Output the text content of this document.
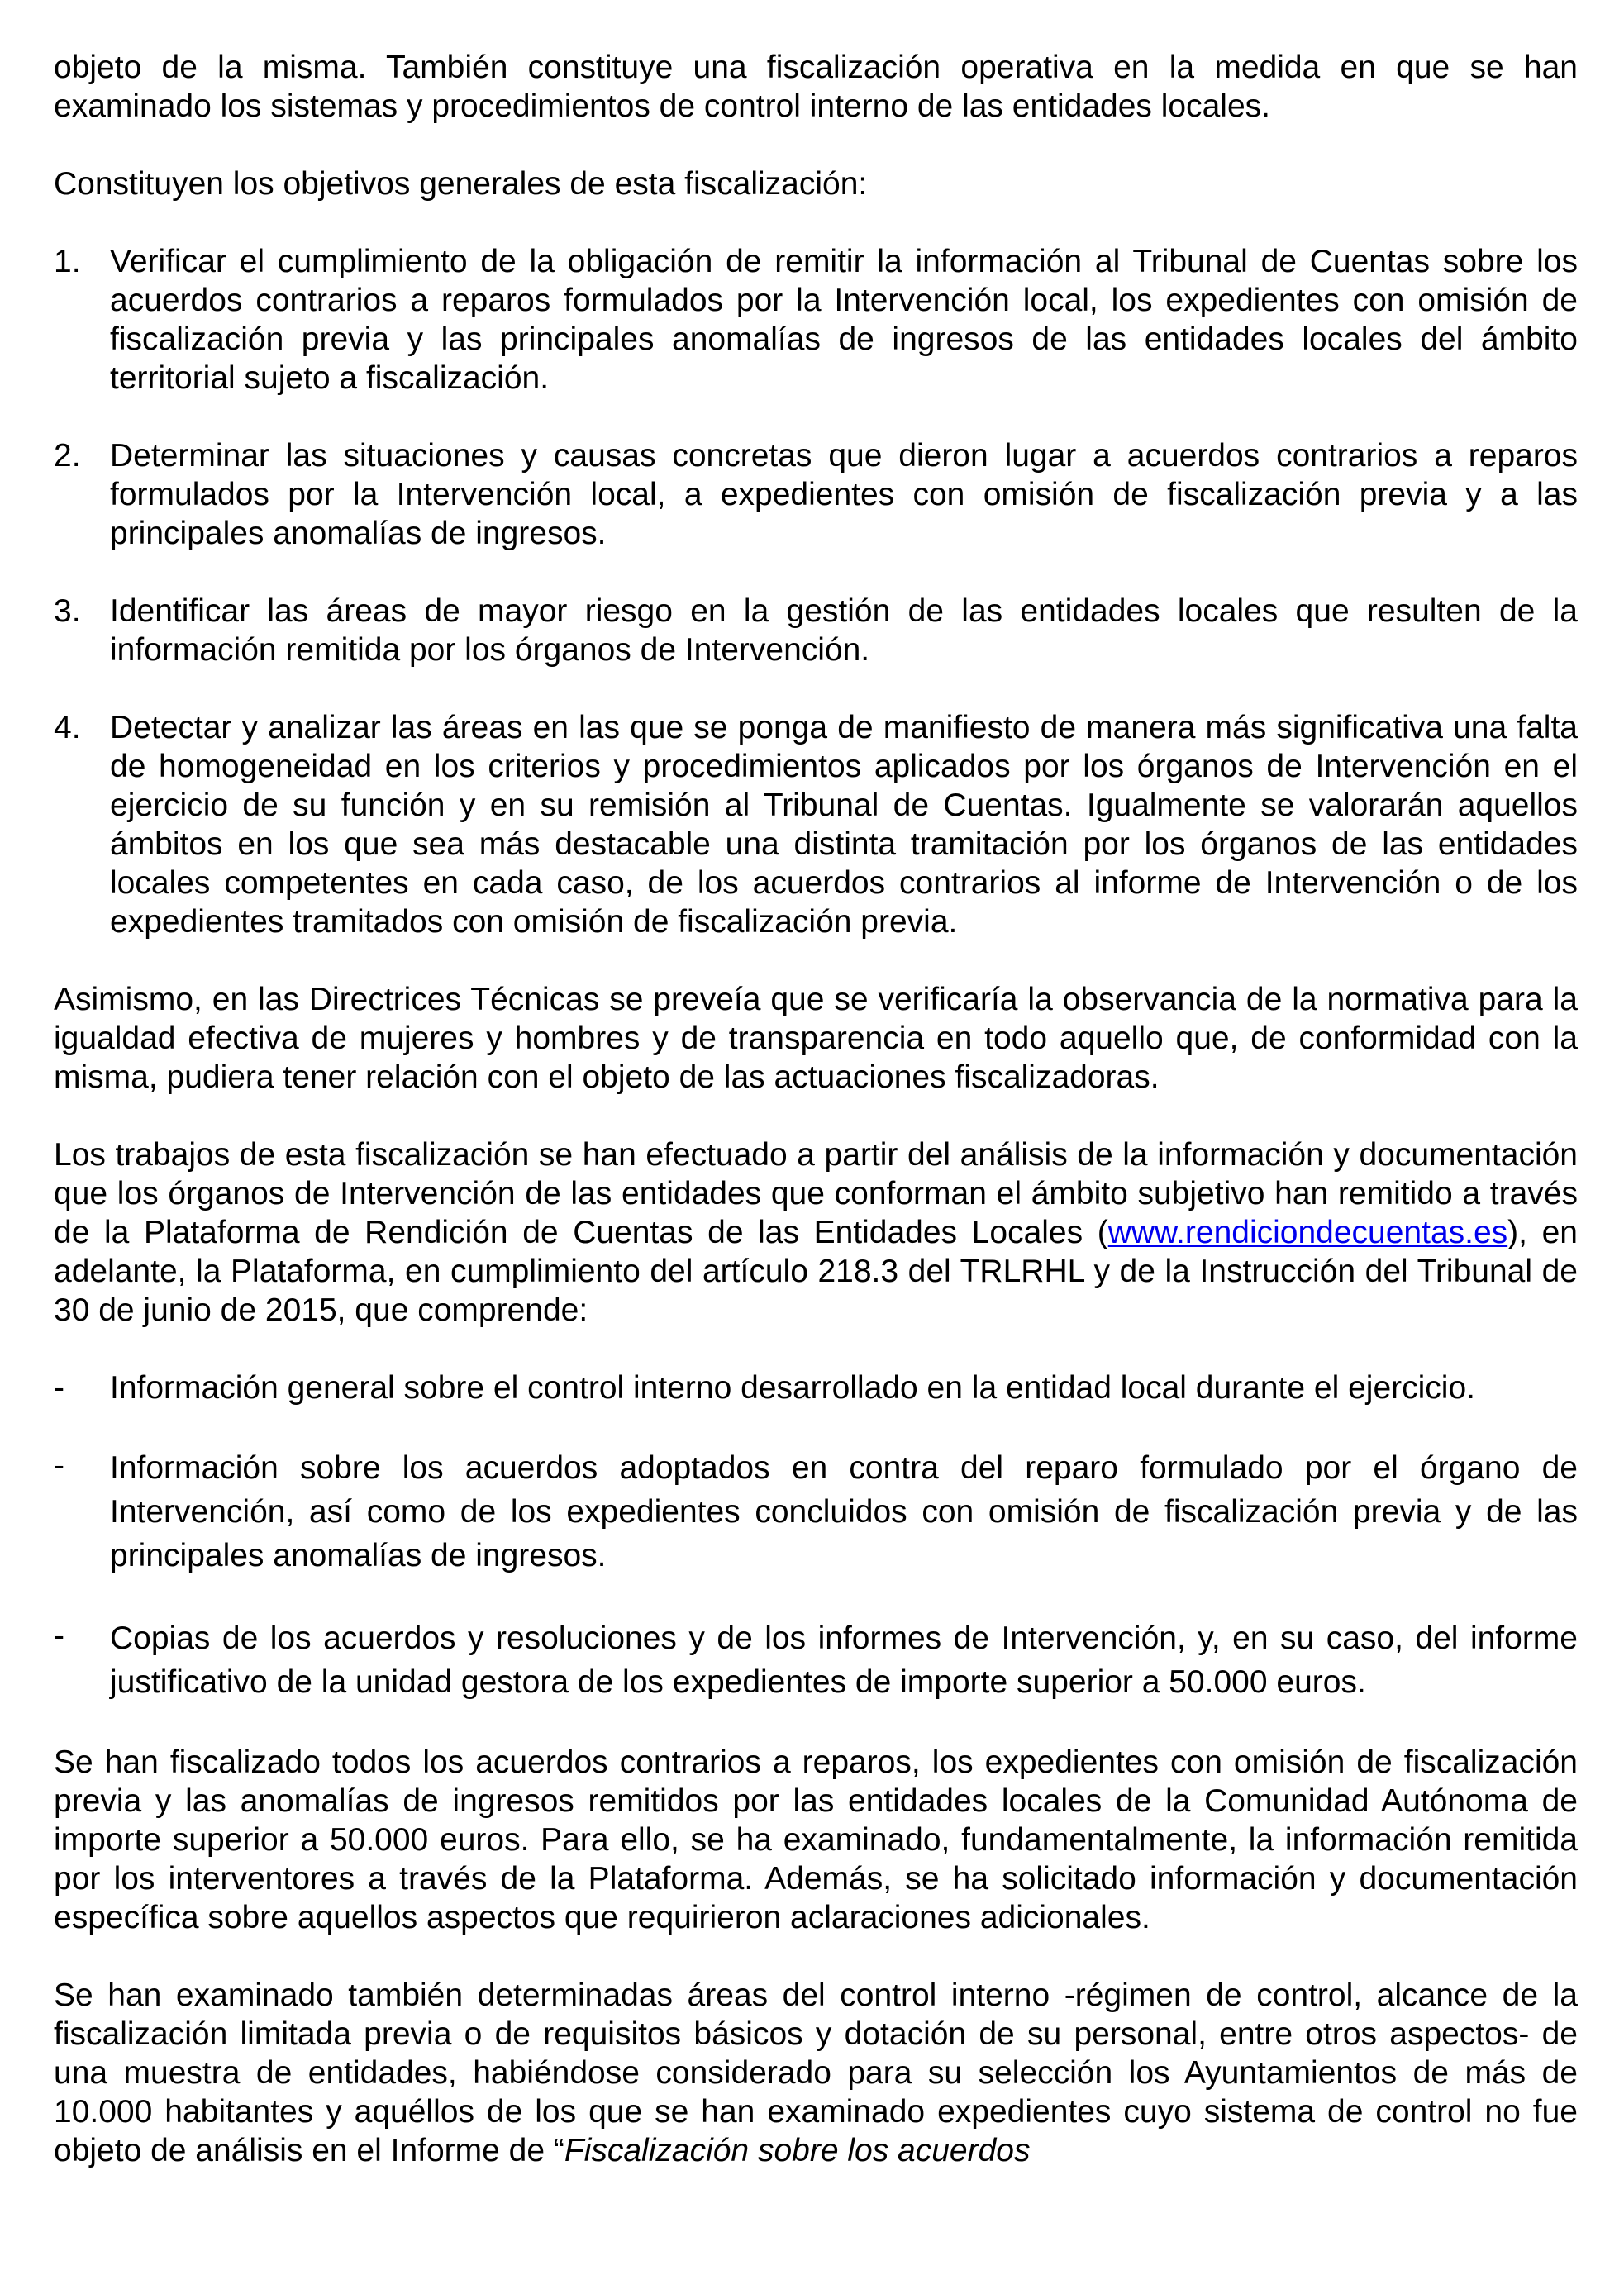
objeto de la misma. También constituye una fiscalización operativa en la medida en que se han examinado los sistemas y procedimientos de control interno de las entidades locales.

Constituyen los objetivos generales de esta fiscalización:

1. Verificar el cumplimiento de la obligación de remitir la información al Tribunal de Cuentas sobre los acuerdos contrarios a reparos formulados por la Intervención local, los expedientes con omisión de fiscalización previa y las principales anomalías de ingresos de las entidades locales del ámbito territorial sujeto a fiscalización.
2. Determinar las situaciones y causas concretas que dieron lugar a acuerdos contrarios a reparos formulados por la Intervención local, a expedientes con omisión de fiscalización previa y a las principales anomalías de ingresos.
3. Identificar las áreas de mayor riesgo en la gestión de las entidades locales que resulten de la información remitida por los órganos de Intervención.
4. Detectar y analizar las áreas en las que se ponga de manifiesto de manera más significativa una falta de homogeneidad en los criterios y procedimientos aplicados por los órganos de Intervención en el ejercicio de su función y en su remisión al Tribunal de Cuentas. Igualmente se valorarán aquellos ámbitos en los que sea más destacable una distinta tramitación por los órganos de las entidades locales competentes en cada caso, de los acuerdos contrarios al informe de Intervención o de los expedientes tramitados con omisión de fiscalización previa.

Asimismo, en las Directrices Técnicas se preveía que se verificaría la observancia de la normativa para la igualdad efectiva de mujeres y hombres y de transparencia en todo aquello que, de conformidad con la misma, pudiera tener relación con el objeto de las actuaciones fiscalizadoras.

Los trabajos de esta fiscalización se han efectuado a partir del análisis de la información y documentación que los órganos de Intervención de las entidades que conforman el ámbito subjetivo han remitido a través de la Plataforma de Rendición de Cuentas de las Entidades Locales (www.rendiciondecuentas.es), en adelante, la Plataforma, en cumplimiento del artículo 218.3 del TRLRHL y de la Instrucción del Tribunal de 30 de junio de 2015, que comprende:

-	Información general sobre el control interno desarrollado en la entidad local durante el ejercicio.
-	Información sobre los acuerdos adoptados en contra del reparo formulado por el órgano de Intervención, así como de los expedientes concluidos con omisión de fiscalización previa y de las principales anomalías de ingresos.
-	Copias de los acuerdos y resoluciones y de los informes de Intervención, y, en su caso, del informe justificativo de la unidad gestora de los expedientes de importe superior a 50.000 euros.

Se han fiscalizado todos los acuerdos contrarios a reparos, los expedientes con omisión de fiscalización previa y las anomalías de ingresos remitidos por las entidades locales de la Comunidad Autónoma de importe superior a 50.000 euros. Para ello, se ha examinado, fundamentalmente, la información remitida por los interventores a través de la Plataforma. Además, se ha solicitado información y documentación específica sobre aquellos aspectos que requirieron aclaraciones adicionales.

Se han examinado también determinadas áreas del control interno -régimen de control, alcance de la fiscalización limitada previa o de requisitos básicos y dotación de su personal, entre otros aspectos- de una muestra de entidades, habiéndose considerado para su selección los Ayuntamientos de más de 10.000 habitantes y aquéllos de los que se han examinado expedientes cuyo sistema de control no fue objeto de análisis en el Informe de “Fiscalización sobre los acuerdos
